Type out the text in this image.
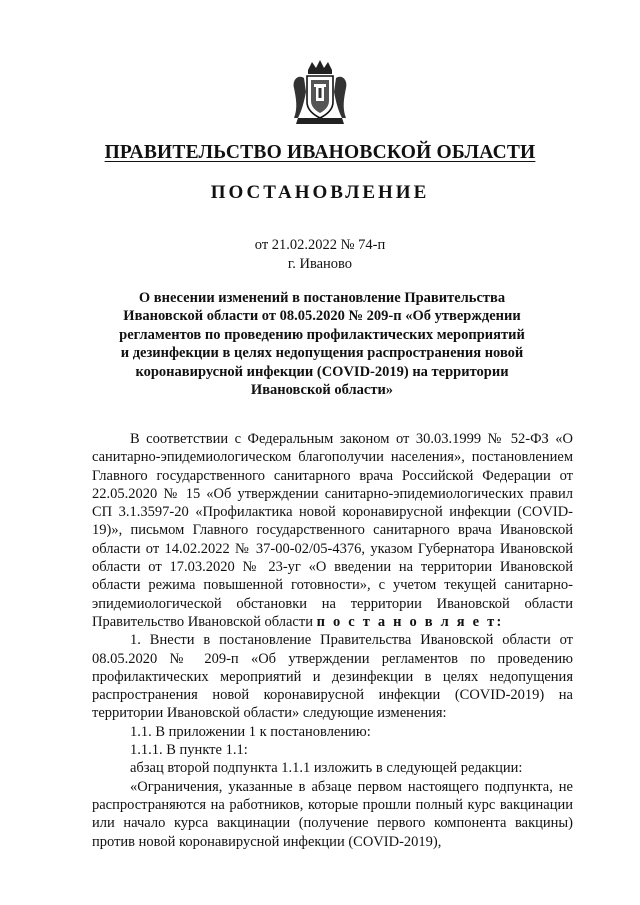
ПРАВИТЕЛЬСТВО ИВАНОВСКОЙ ОБЛАСТИ
ПОСТАНОВЛЕНИЕ
от 21.02.2022 № 74-п
г. Иваново
О внесении изменений в постановление Правительства
Ивановской области от 08.05.2020 № 209-п «Об утверждении
регламентов по проведению профилактических мероприятий
и дезинфекции в целях недопущения распространения новой
коронавирусной инфекции (COVID-2019) на территории
Ивановской области»

В соответствии с Федеральным законом от 30.03.1999 № 52-ФЗ «О санитарно-эпидемиологическом благополучии населения», постановлением Главного государственного санитарного врача Российской Федерации от 22.05.2020 № 15 «Об утверждении санитарно-эпидемиологических правил СП 3.1.3597-20 «Профилактика новой коронавирусной инфекции (COVID-19)», письмом Главного государственного санитарного врача Ивановской области от 14.02.2022 № 37-00-02/05-4376, указом Губернатора Ивановской области от 17.03.2020 № 23-уг «О введении на территории Ивановской области режима повышенной готовности», с учетом текущей санитарно-эпидемиологической обстановки на территории Ивановской области Правительство Ивановской области п о с т а н о в л я е т:

1. Внести в постановление Правительства Ивановской области от 08.05.2020 № 209-п «Об утверждении регламентов по проведению профилактических мероприятий и дезинфекции в целях недопущения распространения новой коронавирусной инфекции (COVID-2019) на территории Ивановской области» следующие изменения:

1.1. В приложении 1 к постановлению:

1.1.1. В пункте 1.1:

абзац второй подпункта 1.1.1 изложить в следующей редакции:

«Ограничения, указанные в абзаце первом настоящего подпункта, не распространяются на работников, которые прошли полный курс вакцинации или начало курса вакцинации (получение первого компонента вакцины) против новой коронавирусной инфекции (COVID-2019),
